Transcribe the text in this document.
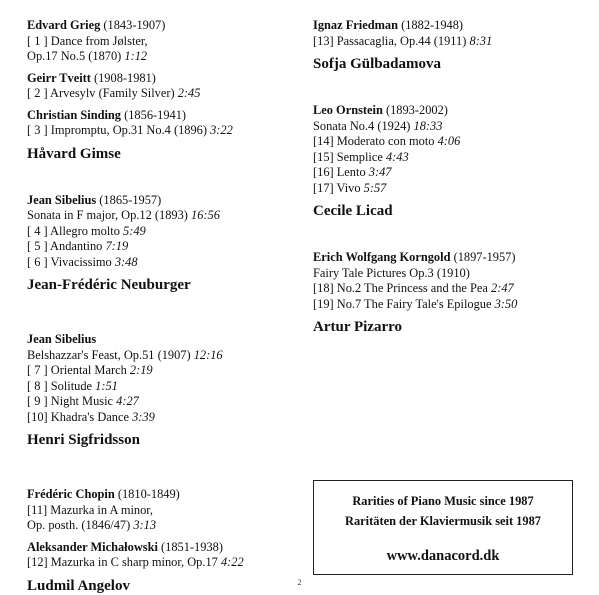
Edvard Grieg (1843-1907)
[ 1 ] Dance from Jølster,
Op.17 No.5 (1870) 1:12
Geirr Tveitt (1908-1981)
[ 2 ] Arvesylv (Family Silver) 2:45
Christian Sinding (1856-1941)
[ 3 ] Impromptu, Op.31 No.4 (1896) 3:22
Håvard Gimse
Jean Sibelius (1865-1957)
Sonata in F major, Op.12 (1893) 16:56
[ 4 ] Allegro molto 5:49
[ 5 ] Andantino 7:19
[ 6 ] Vivacissimo 3:48
Jean-Frédéric Neuburger
Jean Sibelius
Belshazzar's Feast, Op.51 (1907) 12:16
[ 7 ] Oriental March 2:19
[ 8 ] Solitude 1:51
[ 9 ] Night Music 4:27
[10] Khadra's Dance 3:39
Henri Sigfridsson
Frédéric Chopin (1810-1849)
[11] Mazurka in A minor,
Op. posth. (1846/47) 3:13
Aleksander Michałowski (1851-1938)
[12] Mazurka in C sharp minor, Op.17 4:22
Ludmil Angelov
Ignaz Friedman (1882-1948)
[13] Passacaglia, Op.44 (1911) 8:31
Sofja Gülbadamova
Leo Ornstein (1893-2002)
Sonata No.4 (1924) 18:33
[14] Moderato con moto 4:06
[15] Semplice 4:43
[16] Lento 3:47
[17] Vivo 5:57
Cecile Licad
Erich Wolfgang Korngold (1897-1957)
Fairy Tale Pictures Op.3 (1910)
[18] No.2 The Princess and the Pea 2:47
[19] No.7 The Fairy Tale's Epilogue 3:50
Artur Pizarro
Rarities of Piano Music since 1987
Raritäten der Klaviermusik seit 1987
www.danacord.dk
2
